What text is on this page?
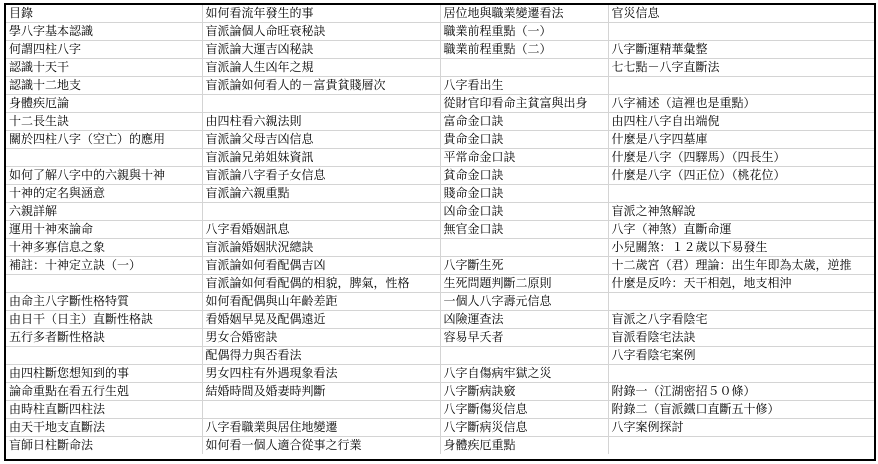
目錄	如何看流年發生的事	居位地與職業變遷看法	官災信息
學八字基本認識	盲派論個人命旺衰秘訣	職業前程重點（一）	
何謂四柱八字	盲派論大運吉凶秘訣	職業前程重點（二）	八字斷運精華彙整
認識十天干	盲派論人生凶年之規		七七點－八字直斷法
認識十二地支	盲派論如何看人的－富貴貧賤層次	八字看出生	
身體疾厄論		從財官印看命主貧富與出身	八字補述（這裡也是重點）
十二長生訣	由四柱看六親法則	富命金口訣	由四柱八字自出端倪
關於四柱八字（空亡）的應用	盲派論父母吉凶信息	貴命金口訣	什麼是八字四墓庫
	盲派論兄弟姐妹資訊	平常命金口訣	什麼是八字（四驛馬）（四長生）
如何了解八字中的六親與十神	盲派論八字看子女信息	貧命金口訣	什麼是八字（四正位）（桃花位）
十神的定名與涵意	盲派論六親重點	賤命金口訣	
六親詳解		凶命金口訣	盲派之神煞解說
運用十神來論命	八字看婚姻訊息	無官金口訣	八字（神煞）直斷命運
十神多寡信息之象	盲派論婚姻狀況總訣		小兒關煞：１２歲以下易發生
補註：十神定立訣（一）	盲派論如何看配偶吉凶	八字斷生死	十二歲宮（君）理論：出生年即為太歲，逆推
	盲派論如何看配偶的相貌，脾氣，性格	生死問題判斷二原則	什麼是反吟：天干相剋，地支相沖
由命主八字斷性格特質	如何看配偶與山年齡差距	一個人八字壽元信息	
由日干（日主）直斷性格訣	看婚姻早晃及配偶遠近	凶險運查法	盲派之八字看陰宅
五行多者斷性格訣	男女合婚密訣	容易早夭者	盲派看陰宅法訣
	配偶得力與否看法		八字看陰宅案例
由四柱斷您想知到的事	男女四柱有外遇現象看法	八字自傷病牢獄之災	
論命重點在看五行生剋	結婚時間及婚妻時判斷	八字斷病訣竅	附錄一（江湖密招５０條）
由時柱直斷四柱法		八字斷傷災信息	附錄二（盲派鐵口直斷五十修）
由天干地支直斷法	八字看職業與居住地變遷	八字斷病災信息	八字案例探討
盲師日柱斷命法	如何看一個人適合從事之行業	身體疾厄重點	
